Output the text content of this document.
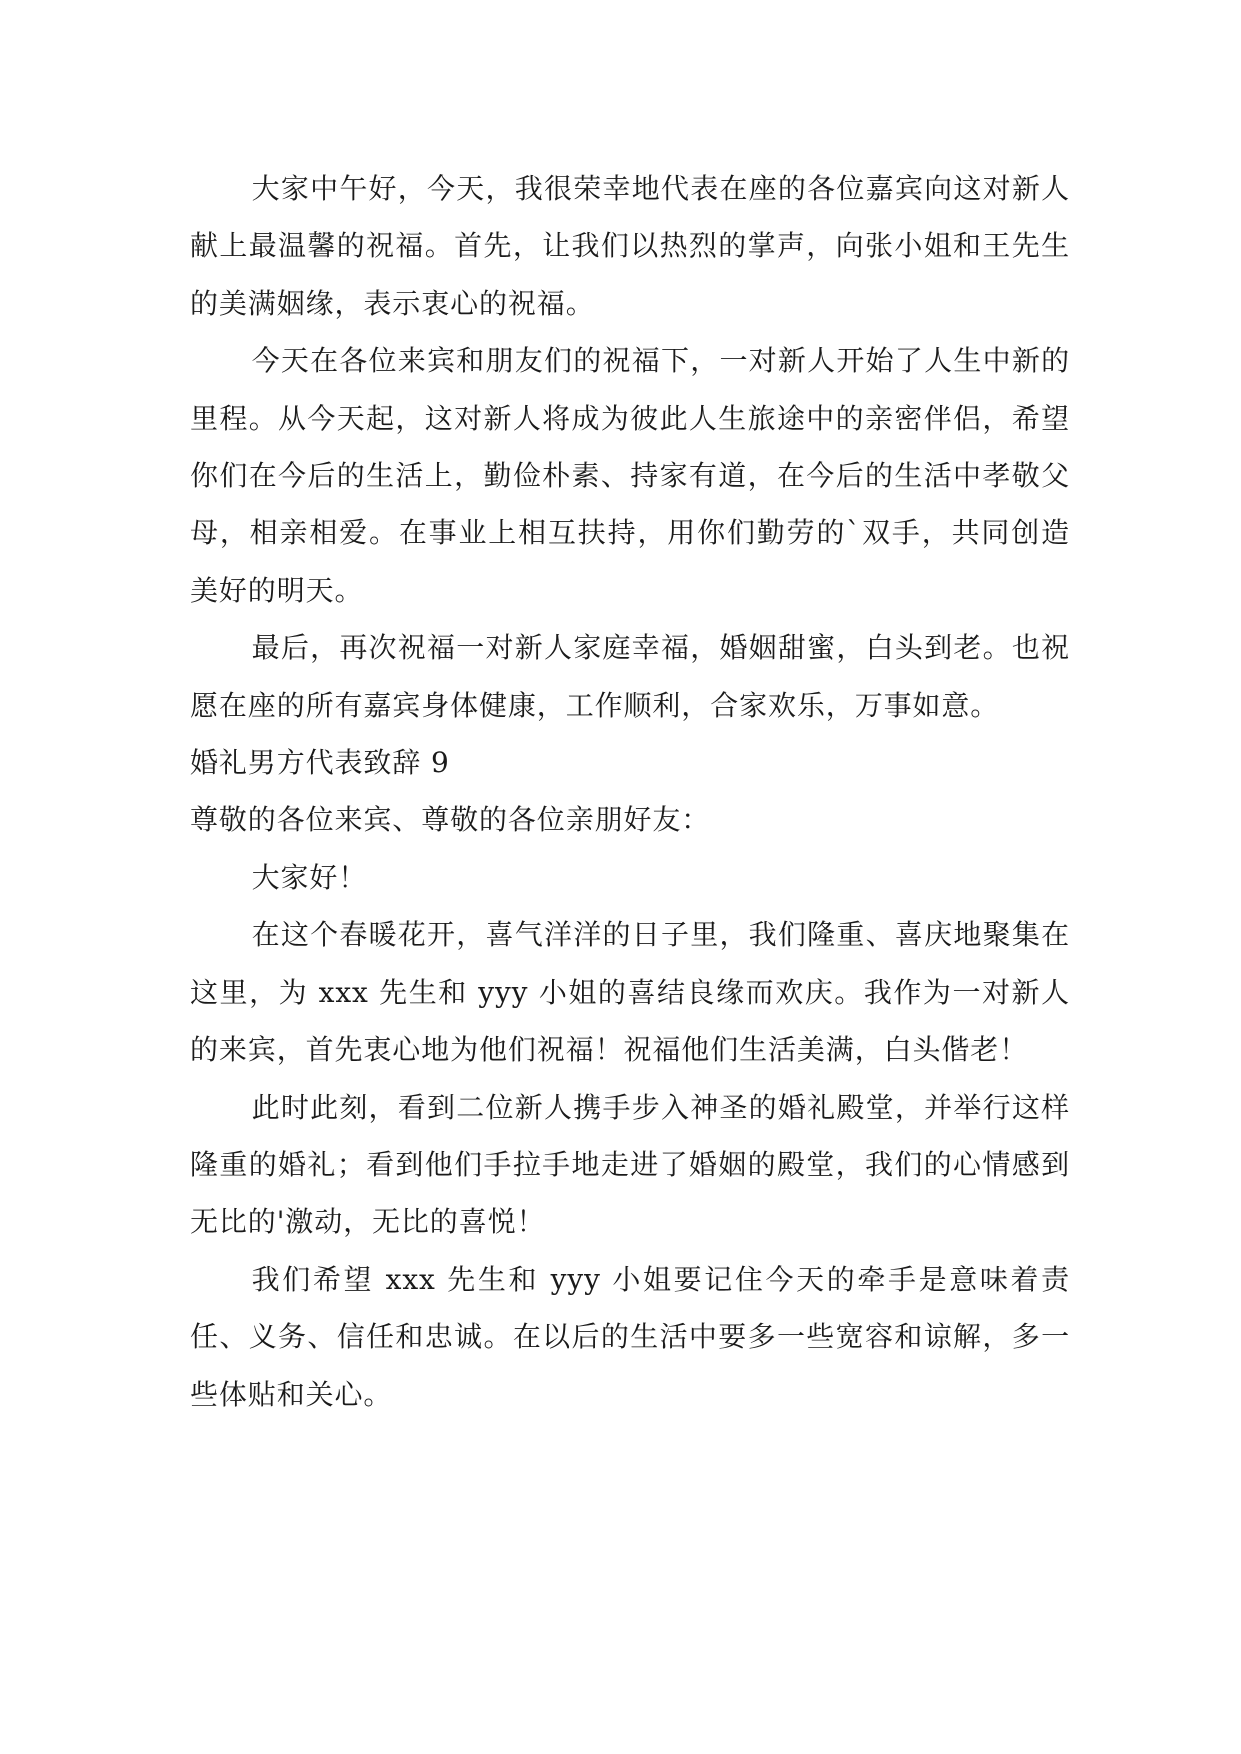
大家中午好，今天，我很荣幸地代表在座的各位嘉宾向这对新人献上最温馨的祝福。首先，让我们以热烈的掌声，向张小姐和王先生的美满姻缘，表示衷心的祝福。

今天在各位来宾和朋友们的祝福下，一对新人开始了人生中新的里程。从今天起，这对新人将成为彼此人生旅途中的亲密伴侣，希望你们在今后的生活上，勤俭朴素、持家有道，在今后的生活中孝敬父母，相亲相爱。在事业上相互扶持，用你们勤劳的`双手，共同创造美好的明天。

最后，再次祝福一对新人家庭幸福，婚姻甜蜜，白头到老。也祝愿在座的所有嘉宾身体健康，工作顺利，合家欢乐，万事如意。

婚礼男方代表致辞 9

尊敬的各位来宾、尊敬的各位亲朋好友：

大家好！

在这个春暖花开，喜气洋洋的日子里，我们隆重、喜庆地聚集在这里，为 xxx 先生和 yyy 小姐的喜结良缘而欢庆。我作为一对新人的来宾，首先衷心地为他们祝福！祝福他们生活美满，白头偕老！

此时此刻，看到二位新人携手步入神圣的婚礼殿堂，并举行这样隆重的婚礼；看到他们手拉手地走进了婚姻的殿堂，我们的心情感到无比的'激动，无比的喜悦！

我们希望 xxx 先生和 yyy 小姐要记住今天的牵手是意味着责任、义务、信任和忠诚。在以后的生活中要多一些宽容和谅解，多一些体贴和关心。
